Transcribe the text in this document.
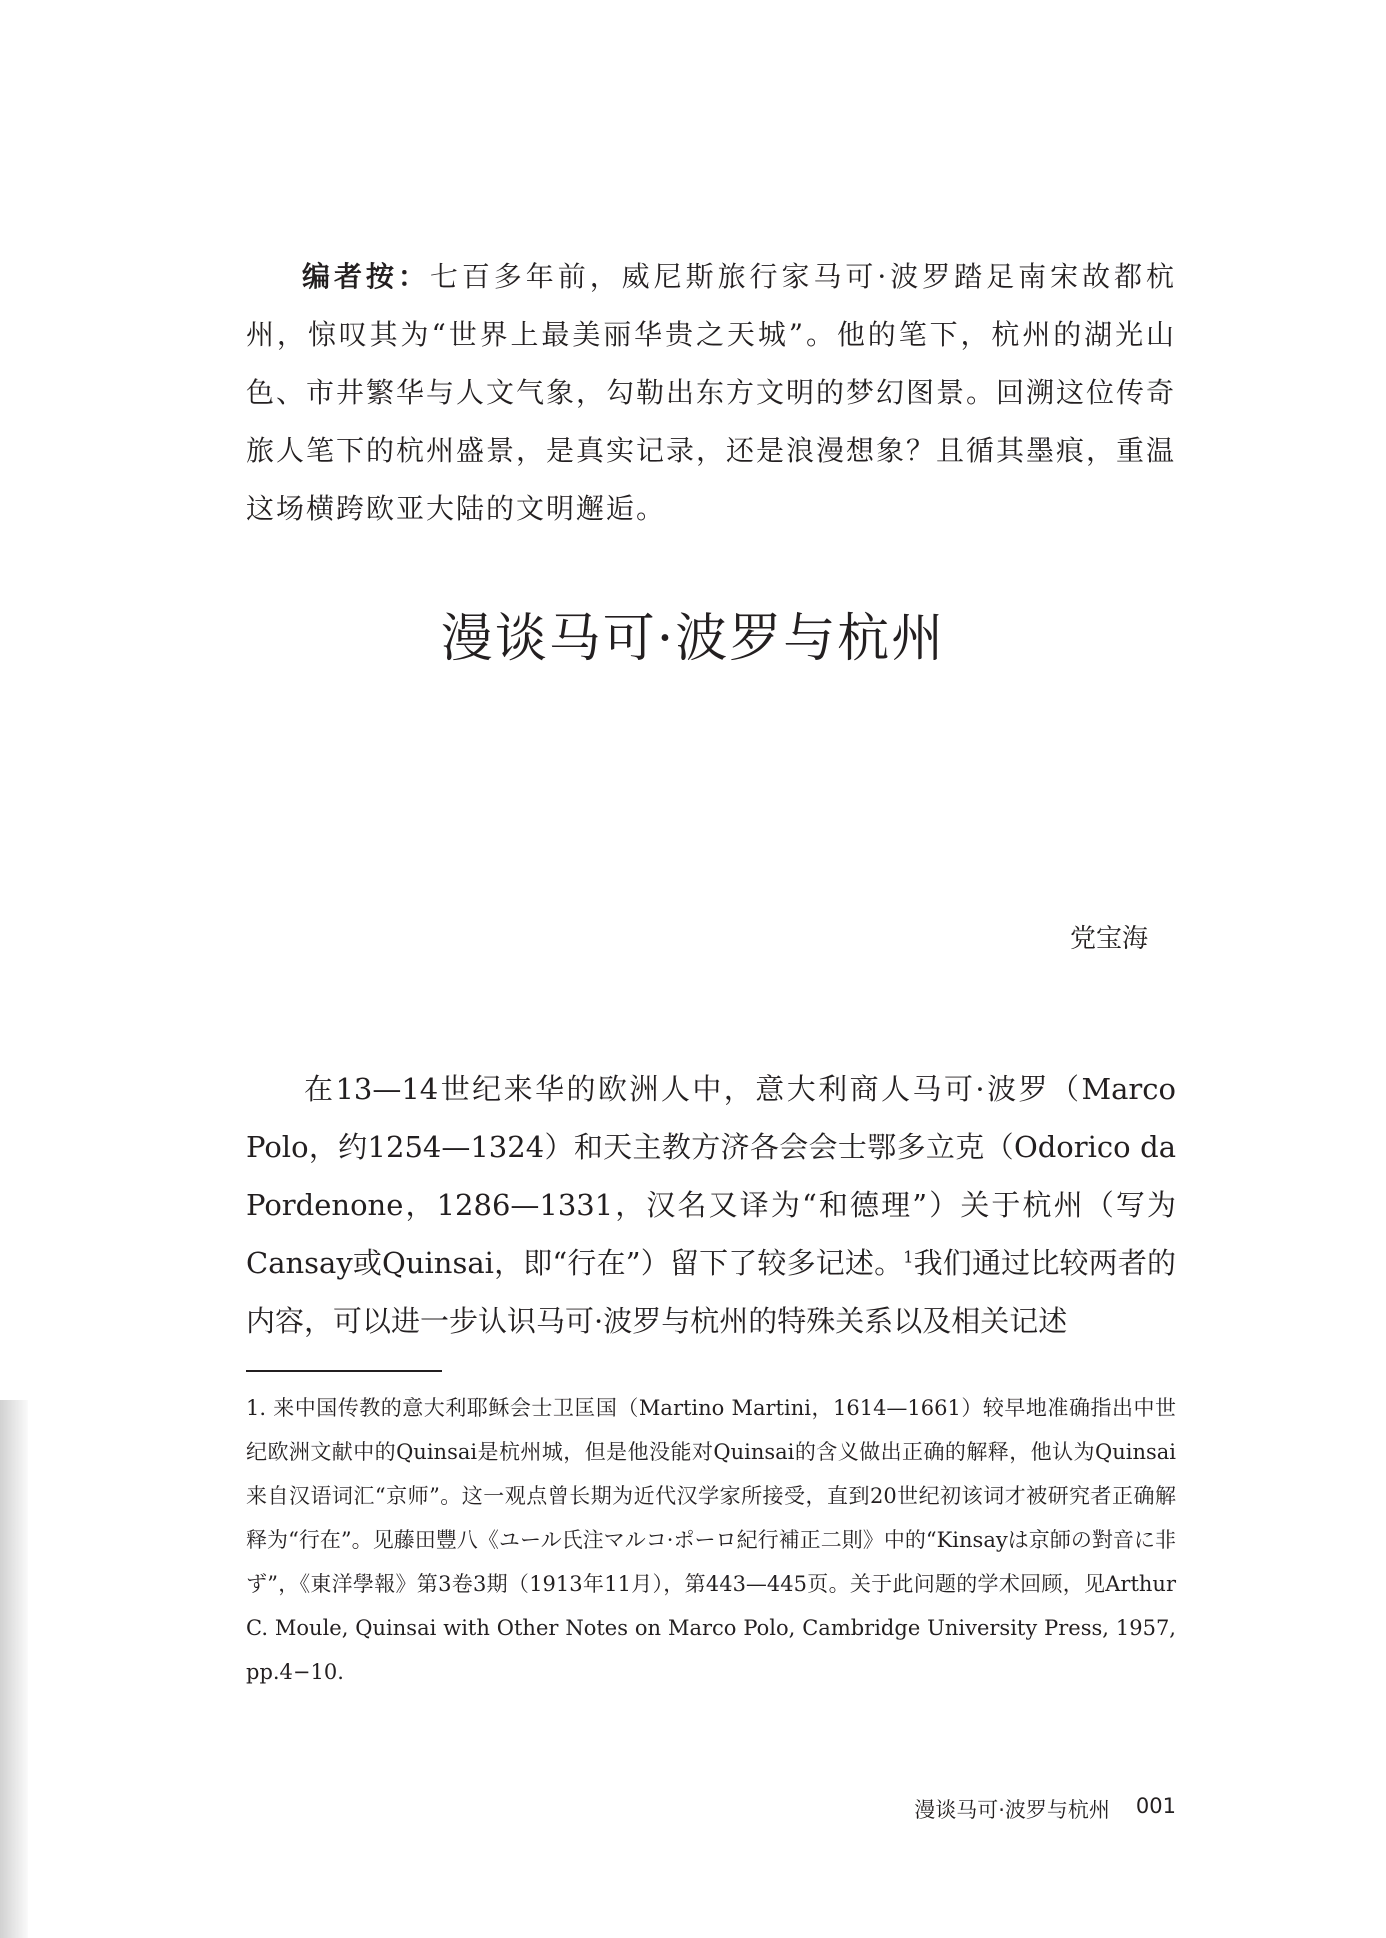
编者按：七百多年前，威尼斯旅行家马可·波罗踏足南宋故都杭州，惊叹其为“世界上最美丽华贵之天城”。他的笔下，杭州的湖光山色、市井繁华与人文气象，勾勒出东方文明的梦幻图景。回溯这位传奇旅人笔下的杭州盛景，是真实记录，还是浪漫想象？且循其墨痕，重温这场横跨欧亚大陆的文明邂逅。

漫谈马可·波罗与杭州
党宝海

在13—14世纪来华的欧洲人中，意大利商人马可·波罗（Marco Polo，约1254—1324）和天主教方济各会会士鄂多立克（Odorico da Pordenone，1286—1331，汉名又译为“和德理”）关于杭州（写为Cansay或Quinsai，即“行在”）留下了较多记述。$^1$我们通过比较两者的内容，可以进一步认识马可·波罗与杭州的特殊关系以及相关记述

1. 来中国传教的意大利耶稣会士卫匡国（Martino Martini，1614—1661）较早地准确指出中世纪欧洲文献中的Quinsai是杭州城，但是他没能对Quinsai的含义做出正确的解释，他认为Quinsai来自汉语词汇“京师”。这一观点曾长期为近代汉学家所接受，直到20世纪初该词才被研究者正确解释为“行在”。见藤田豐八《ユール氏注マルコ·ポーロ紀行補正二則》中的“Kinsayは京師の對音に非ず”，《東洋學報》第3卷3期（1913年11月），第443—445页。关于此问题的学术回顾，见Arthur C. Moule, Quinsai with Other Notes on Marco Polo, Cambridge University Press, 1957, pp.4−10.

漫谈马可·波罗与杭州 001
